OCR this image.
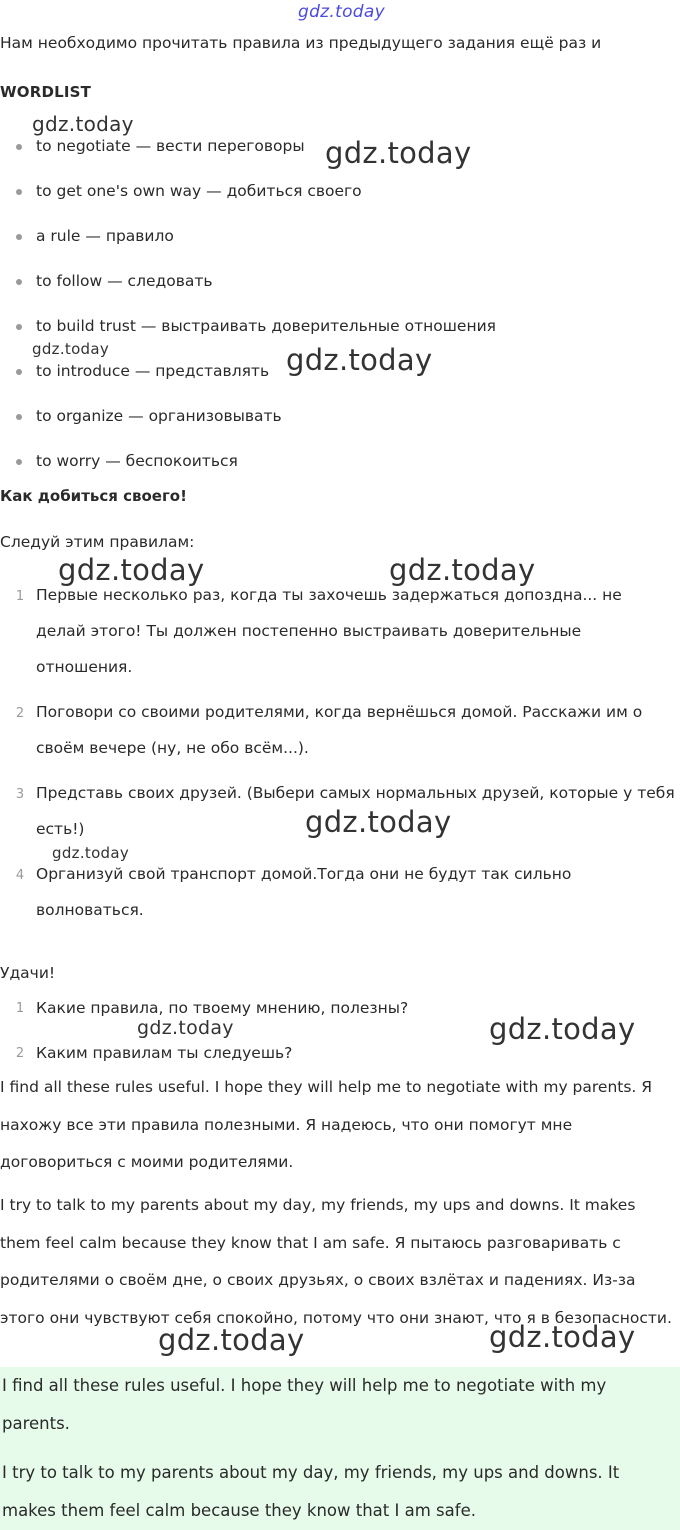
gdz.today
Нам необходимо прочитать правила из предыдущего задания ещё раз и
WORDLIST
to negotiate — вести переговоры
to get one's own way — добиться своего
a rule — правило
to follow — следовать
to build trust — выстраивать доверительные отношения
to introduce — представлять
to organize — организовывать
to worry — беспокоиться
Как добиться своего!
Следуй этим правилам:
1 Первые несколько раз, когда ты захочешь задержаться допоздна... не делай этого! Ты должен постепенно выстраивать доверительные отношения.
2 Поговори со своими родителями, когда вернёшься домой. Расскажи им о своём вечере (ну, не обо всём...).
3 Представь своих друзей. (Выбери самых нормальных друзей, которые у тебя есть!)
4 Организуй свой транспорт домой.Тогда они не будут так сильно волноваться.
Удачи!
1 Какие правила, по твоему мнению, полезны?
2 Каким правилам ты следуешь?
I find all these rules useful. I hope they will help me to negotiate with my parents. Я нахожу все эти правила полезными. Я надеюсь, что они помогут мне договориться с моими родителями.
I try to talk to my parents about my day, my friends, my ups and downs. It makes them feel calm because they know that I am safe. Я пытаюсь разговаривать с родителями о своём дне, о своих друзьях, о своих взлётах и падениях. Из-за этого они чувствуют себя спокойно, потому что они знают, что я в безопасности.
I find all these rules useful. I hope they will help me to negotiate with my parents.
I try to talk to my parents about my day, my friends, my ups and downs. It makes them feel calm because they know that I am safe.
gdz.today
gdz.today
gdz.today	gdz.today
gdz.today	gdz.today
gdz.today
gdz.today
gdz.today	gdz.today
gdz.today	gdz.today
